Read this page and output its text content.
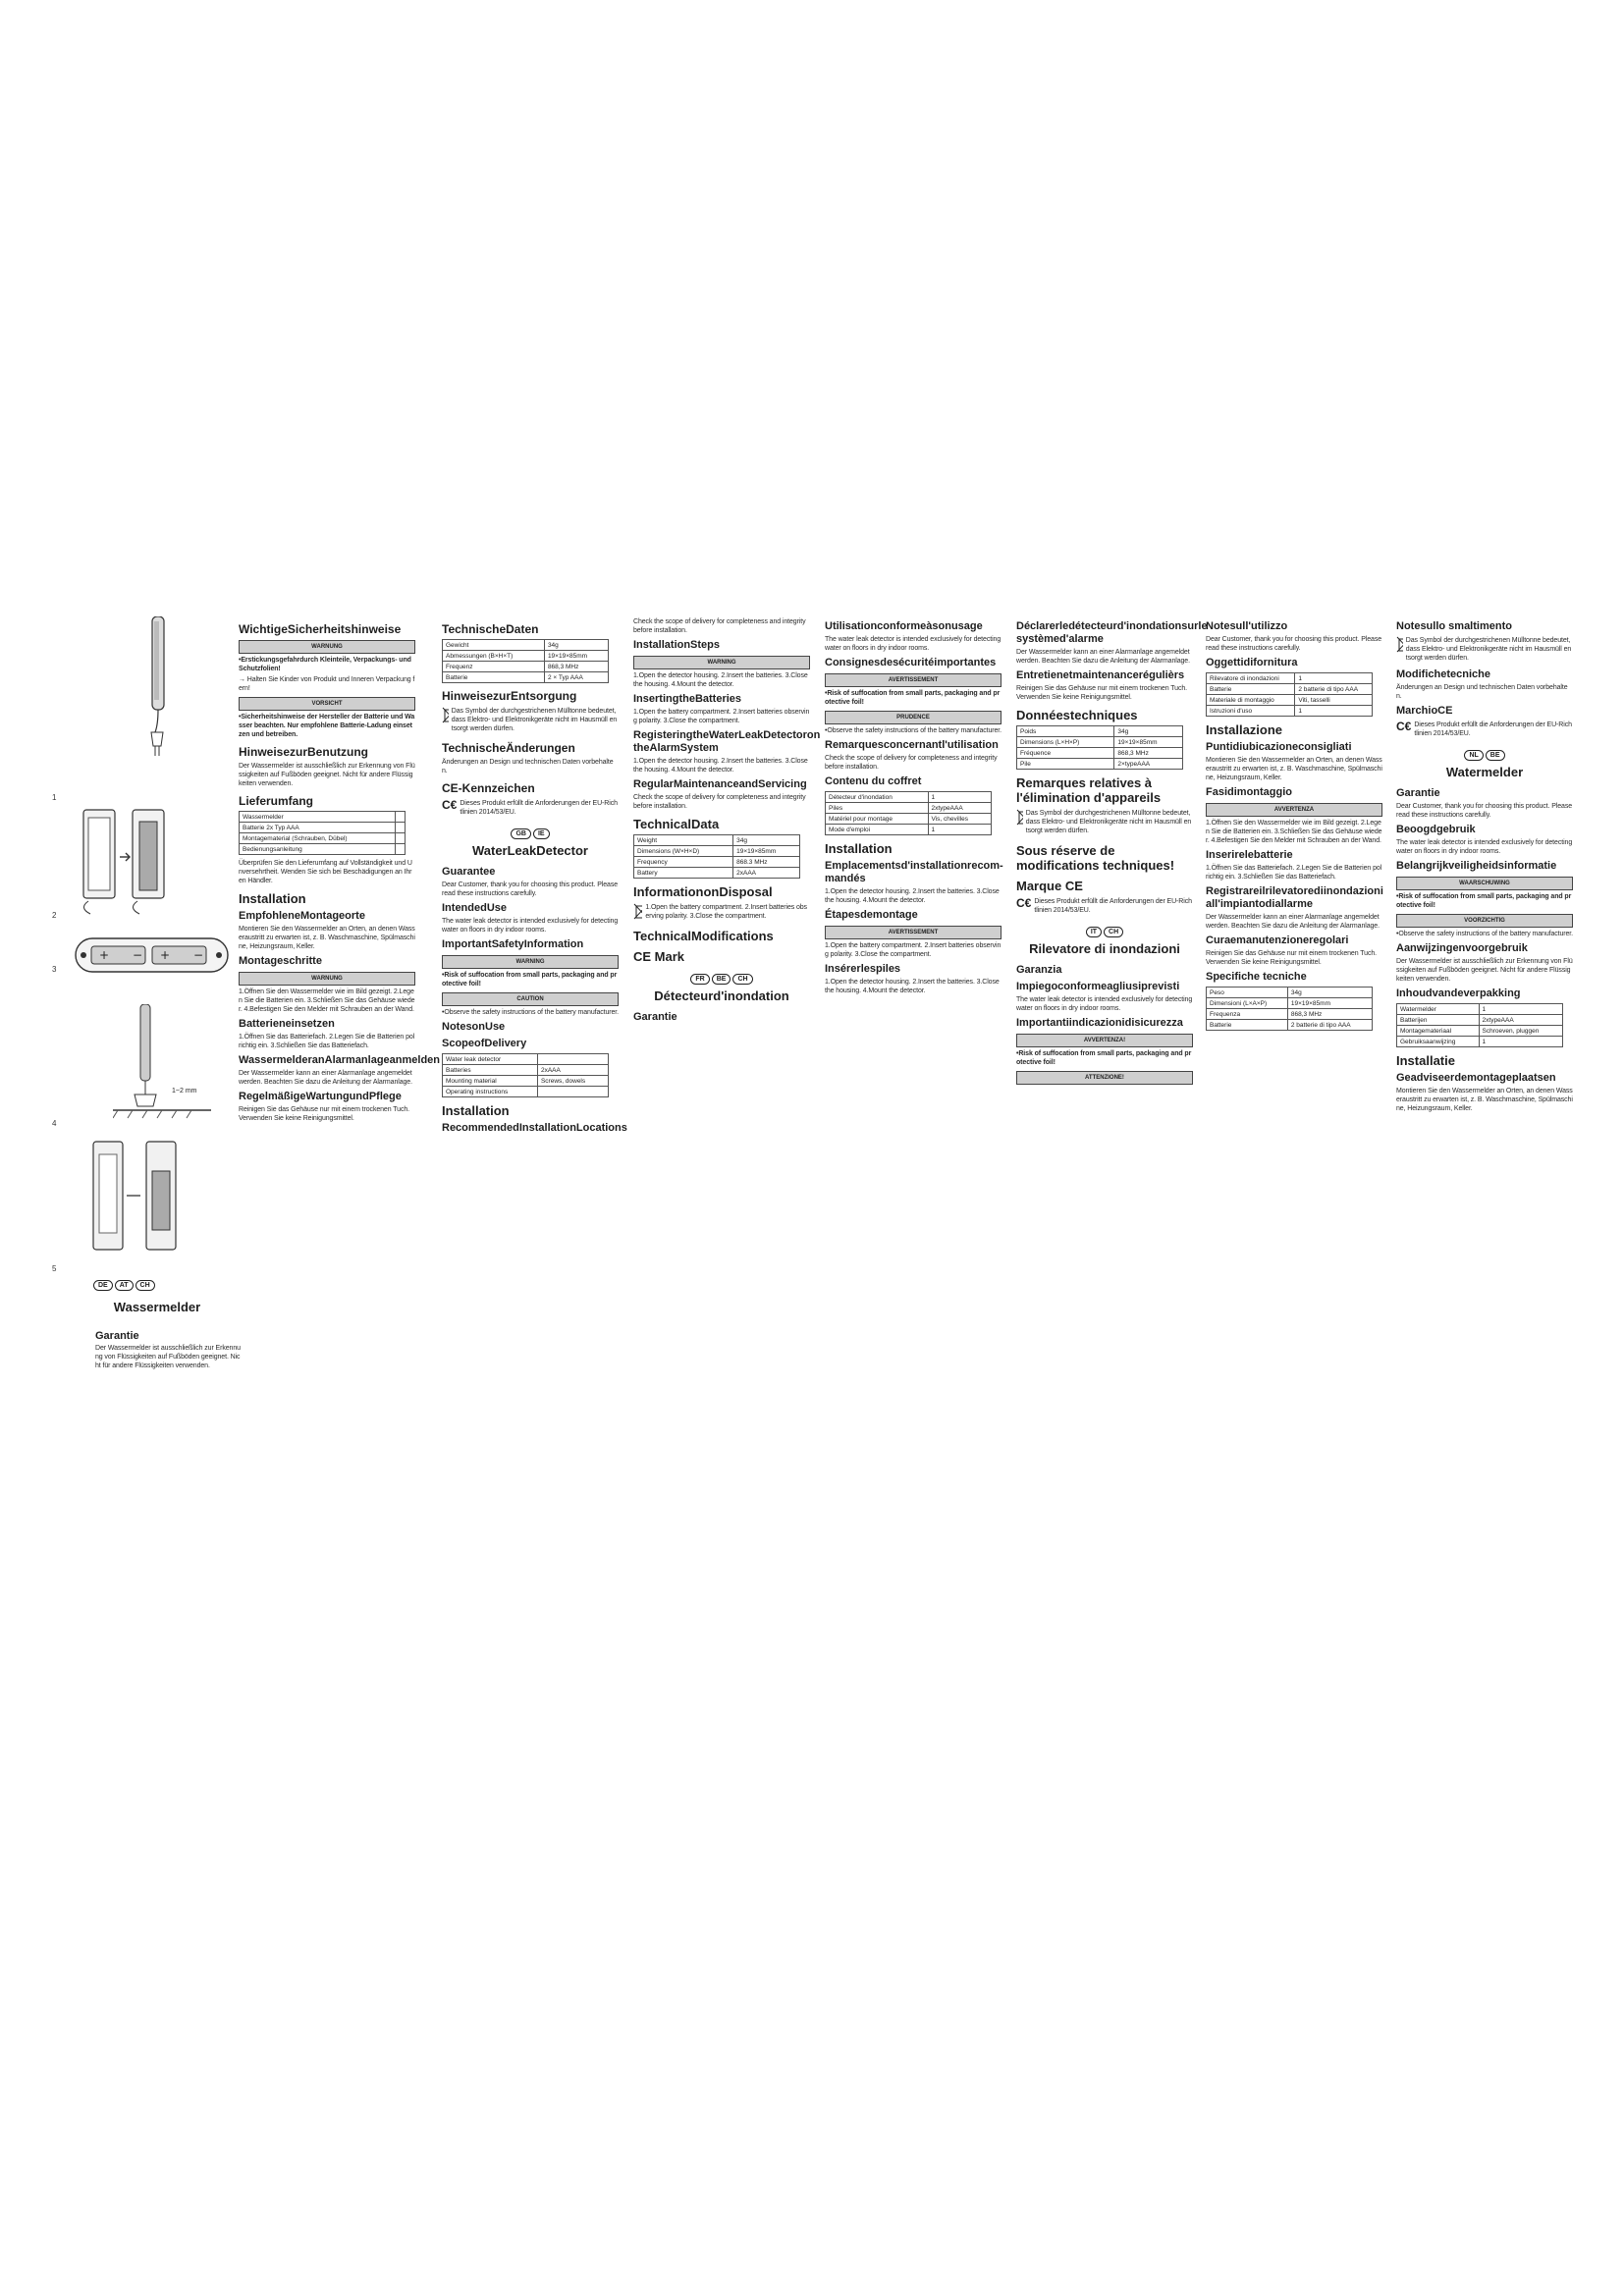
1
2
+ − + −
3
1~2 mm
4
5
DE	AT	CH
Wassermelder
Garantie
Der Wassermelder ist ausschließlich zur Erkennung von Flüssigkeiten auf Fußböden geeignet. Nicht für andere Flüssigkeiten verwenden.
WichtigeSicherheitshinweise
WARNUNG
•Erstickungsgefahrdurch Kleinteile, Verpackungs- und Schutzfolien!
→ Halten Sie Kinder von Produkt und Inneren Verpackung fern!
VORSICHT
•Sicherheitshinweise der Hersteller der Batterie und Wasser beachten. Nur empfohlene Batterie-Ladung einsetzen und betreiben.
HinweisezurBenutzung
Der Wassermelder ist ausschließlich zur Erkennung von Flüssigkeiten auf Fußböden geeignet. Nicht für andere Flüssigkeiten verwenden.
Lieferumfang
Wassermelder	
Batterie 2x Typ AAA	
Montagematerial (Schrauben, Dübel)	
Bedienungsanleitung	
Überprüfen Sie den Lieferumfang auf Vollständigkeit und Unversehrtheit. Wenden Sie sich bei Beschädigungen an Ihren Händler.
Installation
EmpfohleneMontageorte
Montieren Sie den Wassermelder an Orten, an denen Wasseraustritt zu erwarten ist, z. B. Waschmaschine, Spülmaschine, Heizungsraum, Keller.
Montageschritte
WARNUNG
1.Öffnen Sie den Wassermelder wie im Bild gezeigt. 2.Legen Sie die Batterien ein. 3.Schließen Sie das Gehäuse wieder. 4.Befestigen Sie den Melder mit Schrauben an der Wand.
Batterieneinsetzen
1.Öffnen Sie das Batteriefach. 2.Legen Sie die Batterien polrichtig ein. 3.Schließen Sie das Batteriefach.
WassermelderanAlarmanlageanmelden
Der Wassermelder kann an einer Alarmanlage angemeldet werden. Beachten Sie dazu die Anleitung der Alarmanlage.
RegelmäßigeWartungundPflege
Reinigen Sie das Gehäuse nur mit einem trockenen Tuch. Verwenden Sie keine Reinigungsmittel.
TechnischeDaten
Gewicht	34g
Abmessungen (B×H×T)	19×19×85mm
Frequenz	868,3 MHz
Batterie	2 × Typ AAA
HinweisezurEntsorgung
Das Symbol der durchgestrichenen Mülltonne bedeutet, dass Elektro- und Elektronikgeräte nicht im Hausmüll entsorgt werden dürfen.
TechnischeÄnderungen
Änderungen an Design und technischen Daten vorbehalten.
CE-Kennzeichen
C€ Dieses Produkt erfüllt die Anforderungen der EU-Richtlinien 2014/53/EU.
GB	IE
WaterLeakDetector
Guarantee
Dear Customer, thank you for choosing this product. Please read these instructions carefully.
IntendedUse
The water leak detector is intended exclusively for detecting water on floors in dry indoor rooms.
ImportantSafetyInformation
WARNING
•Risk of suffocation from small parts, packaging and protective foil!
CAUTION
•Observe the safety instructions of the battery manufacturer.
NotesonUse
ScopeofDelivery
Water leak detector	
Batteries	2xAAA
Mounting material	Screws, dowels
Operating instructions	
Installation
RecommendedInstallationLocations
Check the scope of delivery for completeness and integrity before installation.
InstallationSteps
WARNING
1.Open the detector housing. 2.Insert the batteries. 3.Close the housing. 4.Mount the detector.
InsertingtheBatteries
1.Open the battery compartment. 2.Insert batteries observing polarity. 3.Close the compartment.
RegisteringtheWaterLeakDetectoron theAlarmSystem
1.Open the detector housing. 2.Insert the batteries. 3.Close the housing. 4.Mount the detector.
RegularMaintenanceandServicing
Check the scope of delivery for completeness and integrity before installation.
TechnicalData
Weight	34g
Dimensions (W×H×D)	19×19×85mm
Frequency	868.3 MHz
Battery	2xAAA
InformationonDisposal
1.Open the battery compartment. 2.Insert batteries observing polarity. 3.Close the compartment.
TechnicalModifications
CE Mark
FR	BE	CH
Détecteurd'inondation
Garantie
Utilisationconformeàsonusage
The water leak detector is intended exclusively for detecting water on floors in dry indoor rooms.
Consignesdesécuritéimportantes
AVERTISSEMENT
•Risk of suffocation from small parts, packaging and protective foil!
PRUDENCE
•Observe the safety instructions of the battery manufacturer.
Remarquesconcernantl'utilisation
Check the scope of delivery for completeness and integrity before installation.
Contenu du coffret
Détecteur d'inondation	1
Piles	2xtypeAAA
Matériel pour montage	Vis, chevilles
Mode d'emploi	1
Installation
Emplacementsd'installationrecom- mandés
1.Open the detector housing. 2.Insert the batteries. 3.Close the housing. 4.Mount the detector.
Étapesdemontage
AVERTISSEMENT
1.Open the battery compartment. 2.Insert batteries observing polarity. 3.Close the compartment.
Insérerlespiles
1.Open the detector housing. 2.Insert the batteries. 3.Close the housing. 4.Mount the detector.
Déclarerledétecteurd'inondationsurle systèmed'alarme
Der Wassermelder kann an einer Alarmanlage angemeldet werden. Beachten Sie dazu die Anleitung der Alarmanlage.
Entretienetmaintenancerégulièrs
Reinigen Sie das Gehäuse nur mit einem trockenen Tuch. Verwenden Sie keine Reinigungsmittel.
Donnéestechniques
Poids	34g
Dimensions (L×H×P)	19×19×85mm
Fréquence	868,3 MHz
Pile	2×typeAAA
Remarques relatives à l'élimination d'appareils
Das Symbol der durchgestrichenen Mülltonne bedeutet, dass Elektro- und Elektronikgeräte nicht im Hausmüll entsorgt werden dürfen.
Sous réserve de modifications techniques!
Marque CE
C€ Dieses Produkt erfüllt die Anforderungen der EU-Richtlinien 2014/53/EU.
IT	CH
Rilevatore di inondazioni
Garanzia
Impiegoconformeagliusiprevisti
The water leak detector is intended exclusively for detecting water on floors in dry indoor rooms.
Importantiindicazionidisicurezza
AVVERTENZA!
•Risk of suffocation from small parts, packaging and protective foil!
ATTENZIONE!
Notesull'utilizzo
Dear Customer, thank you for choosing this product. Please read these instructions carefully.
Oggettidifornitura
Rilevatore di inondazioni	1
Batterie	2 batterie di tipo AAA
Materiale di montaggio	Viti, tasselli
Istruzioni d'uso	1
Installazione
Puntidiubicazioneconsigliati
Montieren Sie den Wassermelder an Orten, an denen Wasseraustritt zu erwarten ist, z. B. Waschmaschine, Spülmaschine, Heizungsraum, Keller.
Fasidimontaggio
AVVERTENZA
1.Öffnen Sie den Wassermelder wie im Bild gezeigt. 2.Legen Sie die Batterien ein. 3.Schließen Sie das Gehäuse wieder. 4.Befestigen Sie den Melder mit Schrauben an der Wand.
Inserirelebatterie
1.Öffnen Sie das Batteriefach. 2.Legen Sie die Batterien polrichtig ein. 3.Schließen Sie das Batteriefach.
Registrareilrilevatorediinondazioni all'impiantodiallarme
Der Wassermelder kann an einer Alarmanlage angemeldet werden. Beachten Sie dazu die Anleitung der Alarmanlage.
Curaemanutenzioneregolari
Reinigen Sie das Gehäuse nur mit einem trockenen Tuch. Verwenden Sie keine Reinigungsmittel.
Specifiche tecniche
Peso	34g
Dimensioni (L×A×P)	19×19×85mm
Frequenza	868,3 MHz
Batterie	2 batterie di tipo AAA
Notesullo smaltimento
Das Symbol der durchgestrichenen Mülltonne bedeutet, dass Elektro- und Elektronikgeräte nicht im Hausmüll entsorgt werden dürfen.
Modifichetecniche
Änderungen an Design und technischen Daten vorbehalten.
MarchioCE
C€ Dieses Produkt erfüllt die Anforderungen der EU-Richtlinien 2014/53/EU.
NL	BE
Watermelder
Garantie
Dear Customer, thank you for choosing this product. Please read these instructions carefully.
Beoogdgebruik
The water leak detector is intended exclusively for detecting water on floors in dry indoor rooms.
Belangrijkveiligheidsinformatie
WAARSCHUWING
•Risk of suffocation from small parts, packaging and protective foil!
VOORZICHTIG
•Observe the safety instructions of the battery manufacturer.
Aanwijzingenvoorgebruik
Der Wassermelder ist ausschließlich zur Erkennung von Flüssigkeiten auf Fußböden geeignet. Nicht für andere Flüssigkeiten verwenden.
Inhoudvandeverpakking
Watermelder	1
Batterijen	2xtypeAAA
Montagemateriaal	Schroeven, pluggen
Gebruiksaanwijzing	1
Installatie
Geadviseerdemontageplaatsen
Montieren Sie den Wassermelder an Orten, an denen Wasseraustritt zu erwarten ist, z. B. Waschmaschine, Spülmaschine, Heizungsraum, Keller.
